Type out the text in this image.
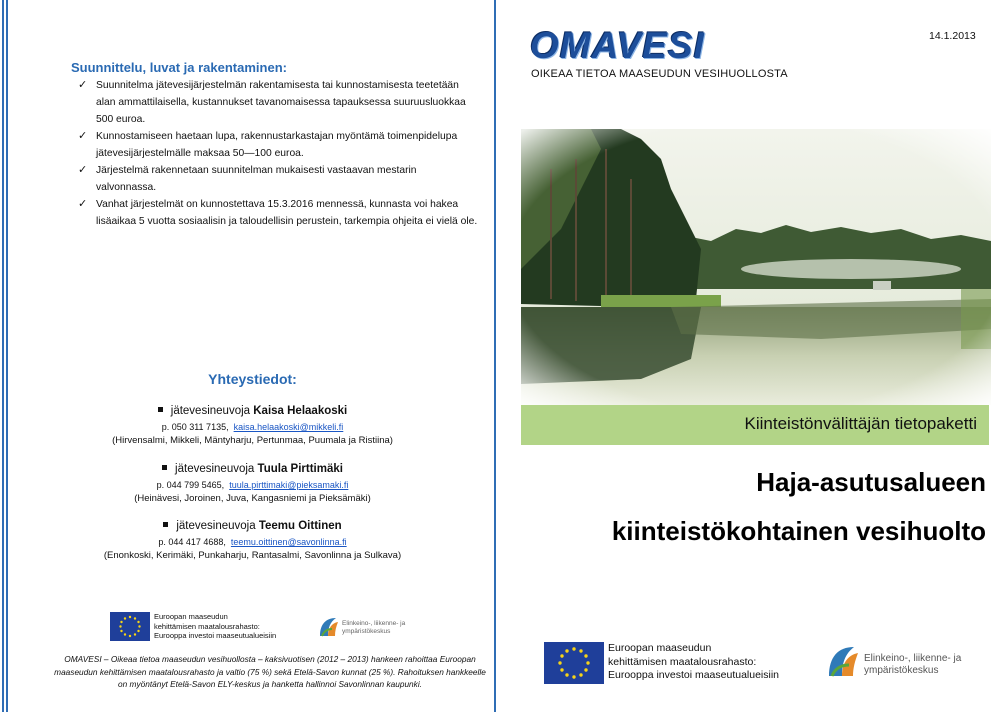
Suunnittelu, luvat ja rakentaminen:
✓ Suunnitelma jätevesijärjestelmän rakentamisesta tai kunnostamisesta teetetään alan ammattilaisella, kustannukset tavanomaisessa tapauksessa suuruusluokkaa 500 euroa.
✓ Kunnostamiseen haetaan lupa, rakennustarkastajan myöntämä toimenpidelupa jätevesijärjestelmälle maksaa 50—100 euroa.
✓ Järjestelmä rakennetaan suunnitelman mukaisesti vastaavan mestarin valvonnassa.
✓ Vanhat järjestelmät on kunnostettava 15.3.2016 mennessä, kunnasta voi hakea lisäaikaa 5 vuotta sosiaalisin ja taloudellisin perustein, tarkempia ohjeita ei vielä ole.
Yhteystiedot:
jätevesineuvoja Kaisa Helaakoski
p. 050 311 7135, kaisa.helaakoski@mikkeli.fi
(Hirvensalmi, Mikkeli, Mäntyharju, Pertunmaa, Puumala ja Ristiina)
jätevesineuvoja Tuula Pirttimäki
p. 044 799 5465, tuula.pirttimaki@pieksamaki.fi
(Heinävesi, Joroinen, Juva, Kangasniemi ja Pieksämäki)
jätevesineuvoja Teemu Oittinen
p. 044 417 4688, teemu.oittinen@savonlinna.fi
(Enonkoski, Kerimäki, Punkaharju, Rantasalmi, Savonlinna ja Sulkava)
Euroopan maaseudun
kehittämisen maatalousrahasto:
Eurooppa investoi maaseutualueisiin
Elinkeino-, liikenne- ja
ympäristökeskus
OMAVESI – Oikeaa tietoa maaseudun vesihuollosta – kaksivuotisen (2012 – 2013) hankeen rahoittaa Euroopan maaseudun kehittämisen maatalousrahasto ja valtio (75 %) sekä Etelä-Savon kunnat (25 %). Rahoituksen hankkeelle on myöntänyt Etelä-Savon ELY-keskus ja hanketta hallinnoi Savonlinnan kaupunki.
OMAVESI
OIKEAA TIETOA MAASEUDUN VESIHUOLLOSTA
14.1.2013
Kiinteistönvälittäjän tietopaketti
Haja-asutusalueen
kiinteistökohtainen vesihuolto
Euroopan maaseudun
kehittämisen maatalousrahasto:
Eurooppa investoi maaseutualueisiin
Elinkeino-, liikenne- ja
ympäristökeskus
